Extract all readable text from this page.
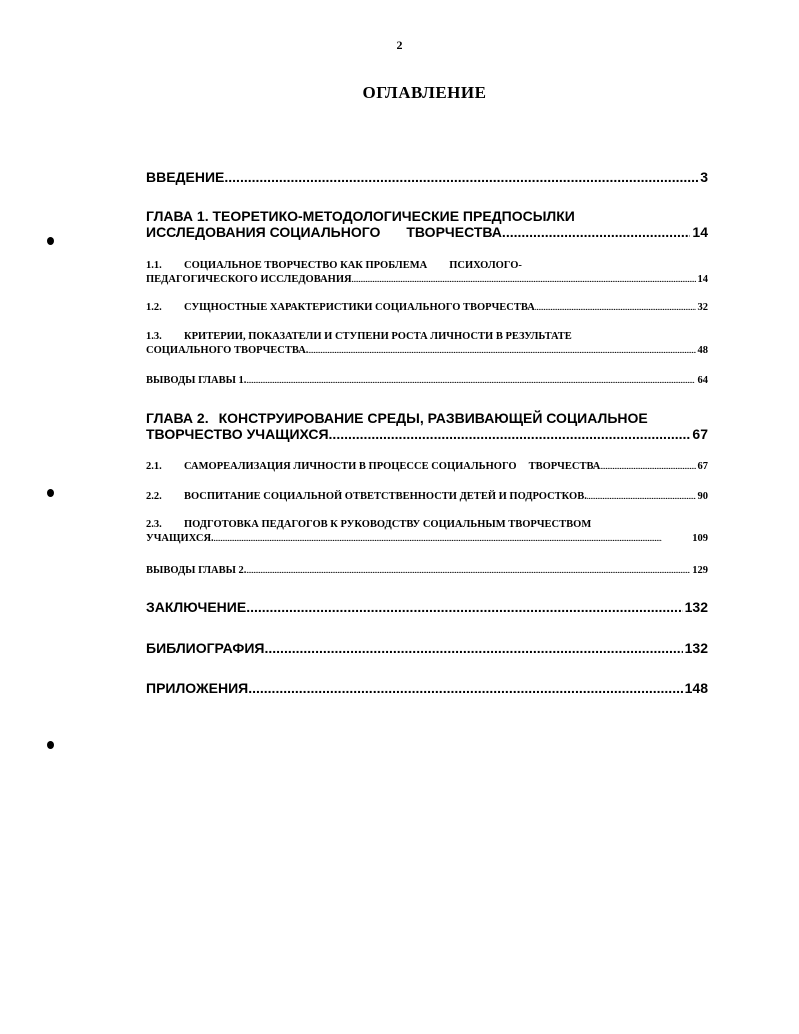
2
ОГЛАВЛЕНИЕ
ВВЕДЕНИЕ .....	3
ГЛАВА 1. ТЕОРЕТИКО-МЕТОДОЛОГИЧЕСКИЕ ПРЕДПОСЫЛКИ
ИССЛЕДОВАНИЯ СОЦИАЛЬНОГО ТВОРЧЕСТВА. .....	14
1.1. СОЦИАЛЬНОЕ ТВОРЧЕСТВО КАК ПРОБЛЕМА ПСИХОЛОГО-
ПЕДАГОГИЧЕСКОГО ИССЛЕДОВАНИЯ .....	14
1.2. СУЩНОСТНЫЕ ХАРАКТЕРИСТИКИ СОЦИАЛЬНОГО ТВОРЧЕСТВА .....	32
1.3. КРИТЕРИИ, ПОКАЗАТЕЛИ И СТУПЕНИ РОСТА ЛИЧНОСТИ В РЕЗУЛЬТАТЕ
СОЦИАЛЬНОГО ТВОРЧЕСТВА. .....	48
ВЫВОДЫ ГЛАВЫ 1. .....	64
ГЛАВА 2. КОНСТРУИРОВАНИЕ СРЕДЫ, РАЗВИВАЮЩЕЙ СОЦИАЛЬНОЕ
ТВОРЧЕСТВО УЧАЩИХСЯ .....	67
2.1. САМОРЕАЛИЗАЦИЯ ЛИЧНОСТИ В ПРОЦЕССЕ СОЦИАЛЬНОГО ТВОРЧЕСТВА .....	67
2.2. ВОСПИТАНИЕ СОЦИАЛЬНОЙ ОТВЕТСТВЕННОСТИ ДЕТЕЙ И ПОДРОСТКОВ. .....	90
2.3. ПОДГОТОВКА ПЕДАГОГОВ К РУКОВОДСТВУ СОЦИАЛЬНЫМ ТВОРЧЕСТВОМ
УЧАЩИХСЯ. .....	109
ВЫВОДЫ ГЛАВЫ 2. .....	129
ЗАКЛЮЧЕНИЕ .....	132
БИБЛИОГРАФИЯ .....	132
ПРИЛОЖЕНИЯ .....	148
